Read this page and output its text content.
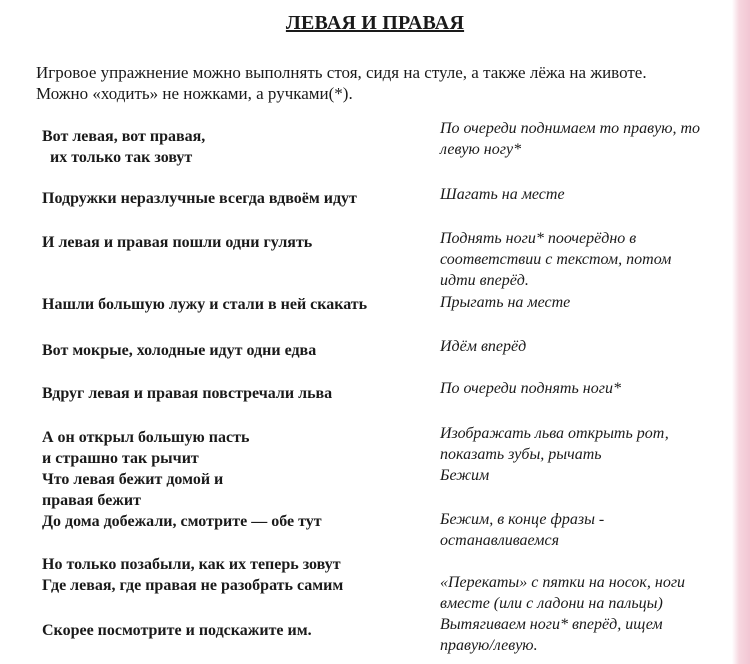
ЛЕВАЯ И ПРАВАЯ
Игровое упражнение можно выполнять стоя, сидя на стуле, а также лёжа на животе.
Можно «ходить» не ножками, а ручками(*).
Вот левая, вот правая,
их только так зовут
Подружки неразлучные всегда вдвоём идут
И левая и правая пошли одни гулять
Нашли большую лужу и стали в ней скакать
Вот мокрые, холодные идут одни едва
Вдруг левая и правая повстречали льва
А он открыл большую пасть
и страшно так рычит
Что левая бежит домой и
правая бежит
До дома добежали, смотрите — обе тут
Но только позабыли, как их теперь зовут
Где левая, где правая не разобрать самим
Скорее посмотрите и подскажите им.
По очереди поднимаем то правую, то
левую ногу*
Шагать на месте
Поднять ноги* поочерёдно в
соответствии с текстом, потом
идти вперёд.
Прыгать на месте
Идём вперёд
По очереди поднять ноги*
Изображать льва открыть рот,
показать зубы, рычать
Бежим
Бежим, в конце фразы -
останавливаемся
«Перекаты» с пятки на носок, ноги
вместе (или с ладони на пальцы)
Вытягиваем ноги* вперёд, ищем
правую/левую.
